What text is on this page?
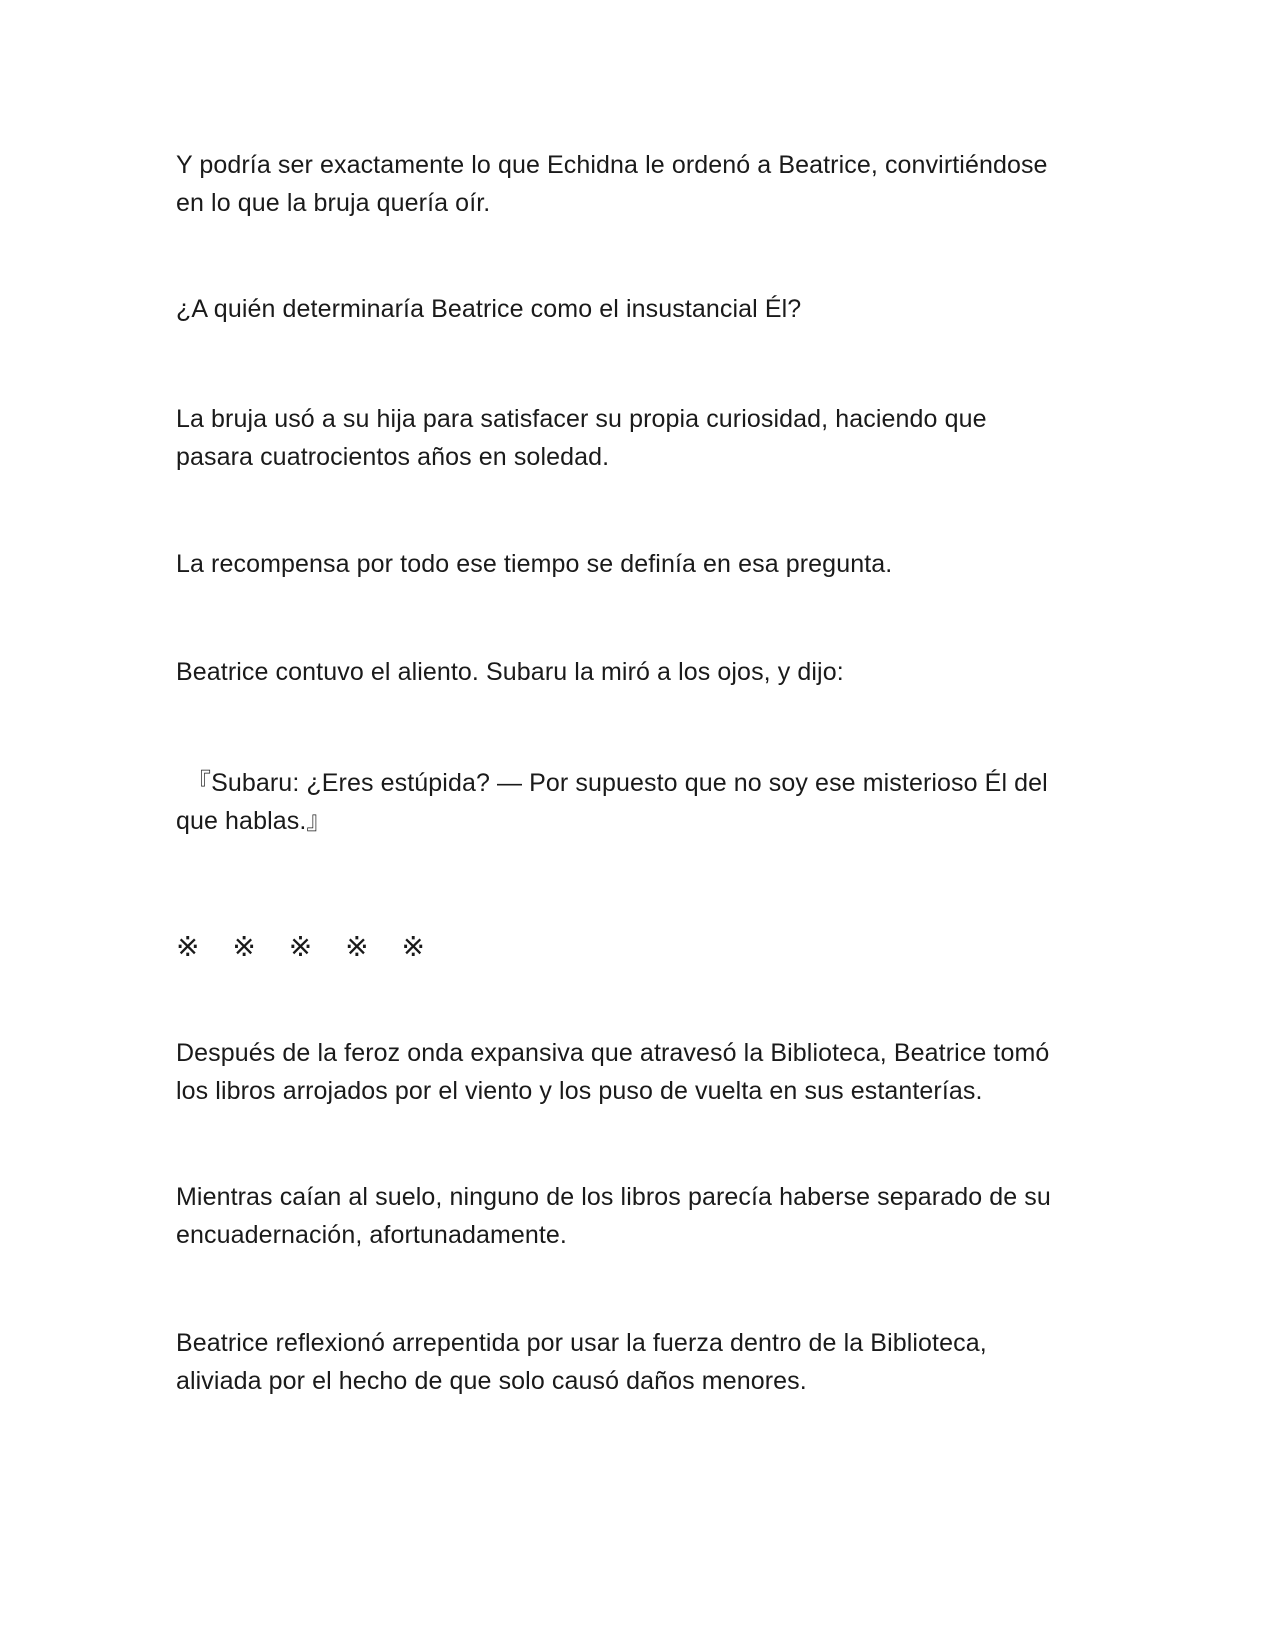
Y podría ser exactamente lo que Echidna le ordenó a Beatrice, convirtiéndose
en lo que la bruja quería oír.

¿A quién determinaría Beatrice como el insustancial Él?

La bruja usó a su hija para satisfacer su propia curiosidad, haciendo que
pasara cuatrocientos años en soledad.

La recompensa por todo ese tiempo se definía en esa pregunta.

Beatrice contuvo el aliento. Subaru la miró a los ojos, y dijo:

『Subaru: ¿Eres estúpida? — Por supuesto que no soy ese misterioso Él del
que hablas.』

※ ※ ※ ※ ※

Después de la feroz onda expansiva que atravesó la Biblioteca, Beatrice tomó
los libros arrojados por el viento y los puso de vuelta en sus estanterías.

Mientras caían al suelo, ninguno de los libros parecía haberse separado de su
encuadernación, afortunadamente.

Beatrice reflexionó arrepentida por usar la fuerza dentro de la Biblioteca,
aliviada por el hecho de que solo causó daños menores.
